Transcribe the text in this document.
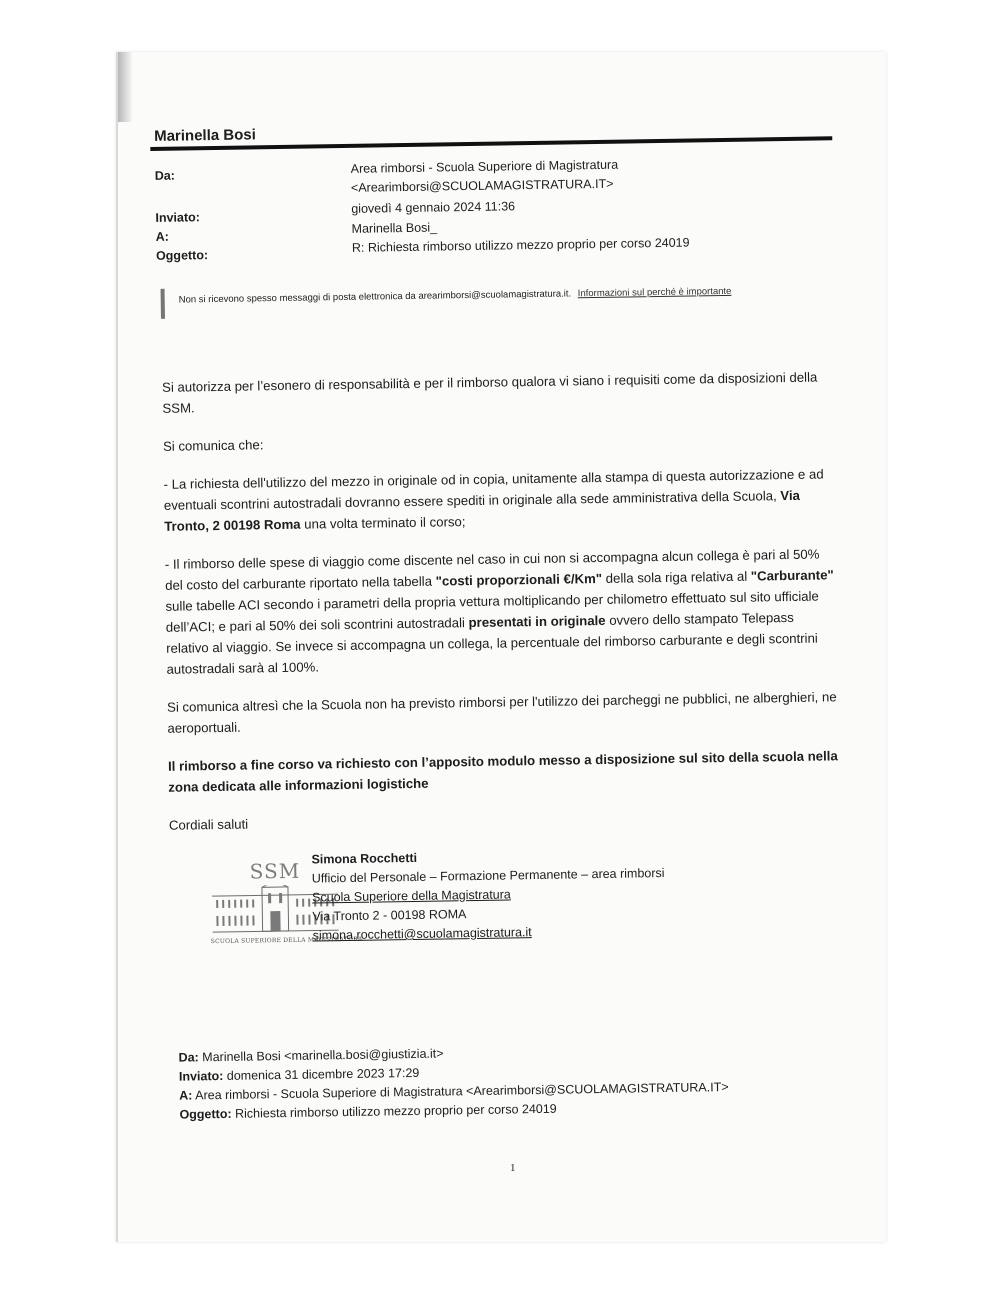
Marinella Bosi
Da:	Area rimborsi - Scuola Superiore di Magistratura
<Arearimborsi@SCUOLAMAGISTRATURA.IT>
Inviato:
giovedì 4 gennaio 2024 11:36
A:
Marinella Bosi_
Oggetto:
R: Richiesta rimborso utilizzo mezzo proprio per corso 24019
Non si ricevono spesso messaggi di posta elettronica da arearimborsi@scuolamagistratura.it. Informazioni sul perché è importante

Si autorizza per l’esonero di responsabilità e per il rimborso qualora vi siano i requisiti come da disposizioni della SSM.

Si comunica che:

- La richiesta dell'utilizzo del mezzo in originale od in copia, unitamente alla stampa di questa autorizzazione e ad eventuali scontrini autostradali dovranno essere spediti in originale alla sede amministrativa della Scuola, Via Tronto, 2 00198 Roma una volta terminato il corso;

- Il rimborso delle spese di viaggio come discente nel caso in cui non si accompagna alcun collega è pari al 50% del costo del carburante riportato nella tabella "costi proporzionali €/Km" della sola riga relativa al "Carburante" sulle tabelle ACI secondo i parametri della propria vettura moltiplicando per chilometro effettuato sul sito ufficiale dell’ACI; e pari al 50% dei soli scontrini autostradali presentati in originale ovvero dello stampato Telepass relativo al viaggio. Se invece si accompagna un collega, la percentuale del rimborso carburante e degli scontrini autostradali sarà al 100%.

Si comunica altresì che la Scuola non ha previsto rimborsi per l'utilizzo dei parcheggi ne pubblici, ne alberghieri, ne aeroportuali.

Il rimborso a fine corso va richiesto con l’apposito modulo messo a disposizione sul sito della scuola nella zona dedicata alle informazioni logistiche

Cordiali saluti

SSM
SCUOLA SUPERIORE DELLA MAGISTRATURA
Simona Rocchetti
Ufficio del Personale – Formazione Permanente – area rimborsi
Scuola Superiore della Magistratura
Via Tronto 2 - 00198 ROMA
simona.rocchetti@scuolamagistratura.it
Da: Marinella Bosi <marinella.bosi@giustizia.it>
Inviato: domenica 31 dicembre 2023 17:29
A: Area rimborsi - Scuola Superiore di Magistratura <Arearimborsi@SCUOLAMAGISTRATURA.IT>
Oggetto: Richiesta rimborso utilizzo mezzo proprio per corso 24019
1
